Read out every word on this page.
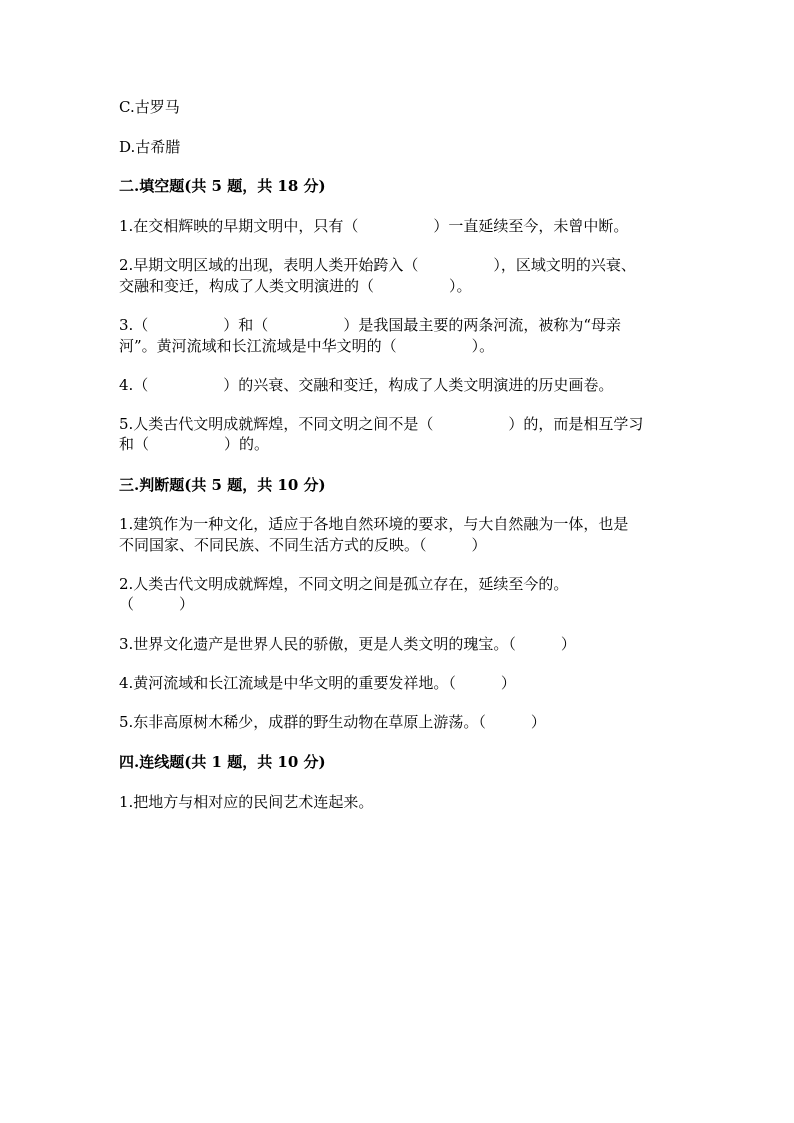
C.古罗马
D.古希腊
二.填空题(共 5 题，共 18 分)
1.在交相辉映的早期文明中，只有（　　　　　）一直延续至今，未曾中断。
2.早期文明区域的出现，表明人类开始跨入（　　　　　），区域文明的兴衰、
交融和变迁，构成了人类文明演进的（　　　　　）。
3.（　　　　　）和（　　　　　）是我国最主要的两条河流，被称为“母亲
河”。黄河流域和长江流域是中华文明的（　　　　　）。
4.（　　　　　）的兴衰、交融和变迁，构成了人类文明演进的历史画卷。
5.人类古代文明成就辉煌，不同文明之间不是（　　　　　）的，而是相互学习
和（　　　　　）的。
三.判断题(共 5 题，共 10 分)
1.建筑作为一种文化，适应于各地自然环境的要求，与大自然融为一体，也是
不同国家、不同民族、不同生活方式的反映。（　　　）
2.人类古代文明成就辉煌，不同文明之间是孤立存在，延续至今的。
（　　　）
3.世界文化遗产是世界人民的骄傲，更是人类文明的瑰宝。（　　　）
4.黄河流域和长江流域是中华文明的重要发祥地。（　　　）
5.东非高原树木稀少，成群的野生动物在草原上游荡。（　　　）
四.连线题(共 1 题，共 10 分)
1.把地方与相对应的民间艺术连起来。
